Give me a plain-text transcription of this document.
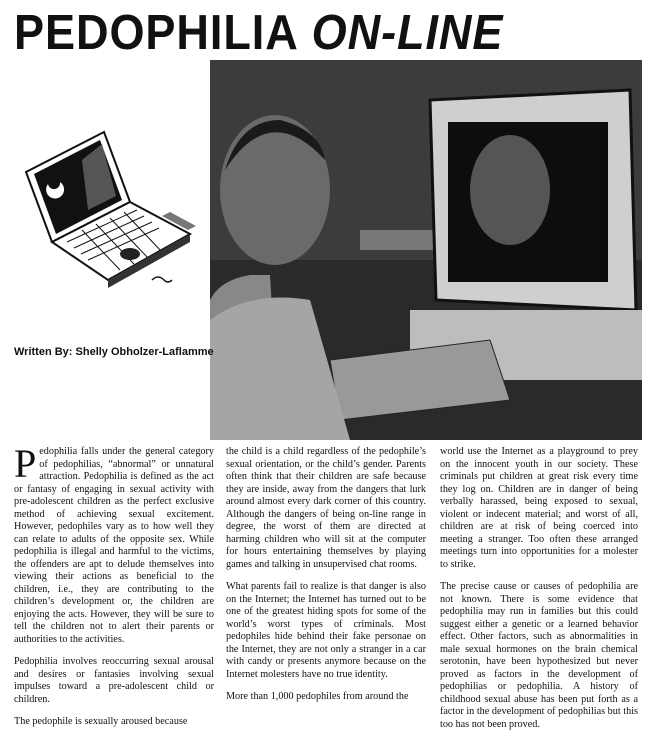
PEDOPHILIA ON-LINE
Written By: Shelly Obholzer-Laflamme

Pedophilia falls under the general category of pedophilias, “abnormal” or unnatural attraction. Pedophilia is defined as the act or fantasy of engaging in sexual activity with pre-adolescent children as the perfect exclusive method of achieving sexual excitement. However, pedophiles vary as to how well they can relate to adults of the opposite sex. While pedophilia is illegal and harmful to the victims, the offenders are apt to delude themselves into viewing their actions as beneficial to the children, i.e., they are contributing to the children’s development or, the children are enjoying the acts. However, they will be sure to tell the children not to alert their parents or authorities to the activities.

Pedophilia involves reoccurring sexual arousal and desires or fantasies involving sexual impulses toward a pre-adolescent child or children.

The pedophile is sexually aroused because

the child is a child regardless of the pedophile’s sexual orientation, or the child’s gender. Parents often think that their children are safe because they are inside, away from the dangers that lurk around almost every dark corner of this country. Although the dangers of being on-line range in degree, the worst of them are directed at harming children who will sit at the computer for hours entertaining themselves by playing games and talking in unsupervised chat rooms.

What parents fail to realize is that danger is also on the Internet; the Internet has turned out to be one of the greatest hiding spots for some of the world’s worst types of criminals. Most pedophiles hide behind their fake personae on the Internet, they are not only a stranger in a car with candy or presents anymore because on the Internet molesters have no true identity.

More than 1,000 pedophiles from around the

world use the Internet as a playground to prey on the innocent youth in our society. These criminals put children at great risk every time they log on. Children are in danger of being verbally harassed, being exposed to sexual, violent or indecent material; and worst of all, children are at risk of being coerced into meeting a stranger. Too often these arranged meetings turn into opportunities for a molester to strike.

The precise cause or causes of pedophilia are not known. There is some evidence that pedophilia may run in families but this could suggest either a genetic or a learned behavior effect. Other factors, such as abnormalities in male sexual hormones on the brain chemical serotonin, have been hypothesized but never proved as factors in the development of pedophilias or pedophilia. A history of childhood sexual abuse has been put forth as a factor in the development of pedophilias but this too has not been proved.
